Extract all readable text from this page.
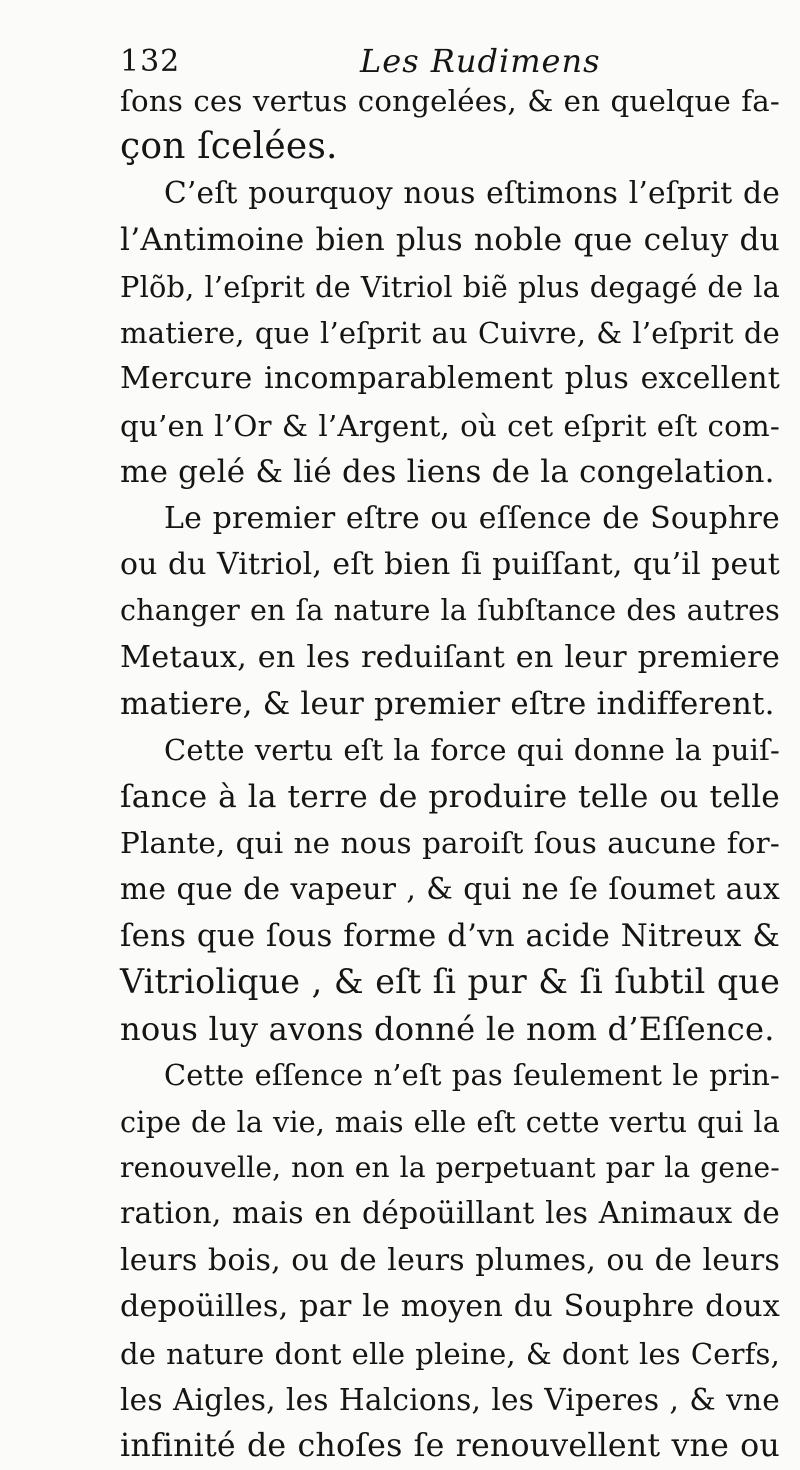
132	Les Rudimens
ſons ces vertus congelées, & en quelque fa-
çon ſcelées.
C’eſt pourquoy nous eſtimons l’eſprit de
l’Antimoine bien plus noble que celuy du
Plõb, l’eſprit de Vitriol biẽ plus degagé de la
matiere, que l’eſprit au Cuivre, & l’eſprit de
Mercure incomparablement plus excellent
qu’en l’Or & l’Argent, où cet eſprit eſt com-
me gelé & lié des liens de la congelation.
Le premier eſtre ou eſſence de Souphre
ou du Vitriol, eſt bien ſi puiſſant, qu’il peut
changer en ſa nature la ſubſtance des autres
Metaux, en les reduiſant en leur premiere
matiere, & leur premier eſtre indifferent.
Cette vertu eſt la force qui donne la puiſ-
ſance à la terre de produire telle ou telle
Plante, qui ne nous paroiſt ſous aucune for-
me que de vapeur , & qui ne ſe ſoumet aux
ſens que ſous forme d’vn acide Nitreux &
Vitriolique , & eſt ſi pur & ſi ſubtil que
nous luy avons donné le nom d’Eſſence.
Cette eſſence n’eſt pas ſeulement le prin-
cipe de la vie, mais elle eſt cette vertu qui la
renouvelle, non en la perpetuant par la gene-
ration, mais en dépoüillant les Animaux de
leurs bois, ou de leurs plumes, ou de leurs
depoüilles, par le moyen du Souphre doux
de nature dont elle pleine, & dont les Cerfs,
les Aigles, les Halcions, les Viperes , & vne
infinité de choſes ſe renouvellent vne ou
